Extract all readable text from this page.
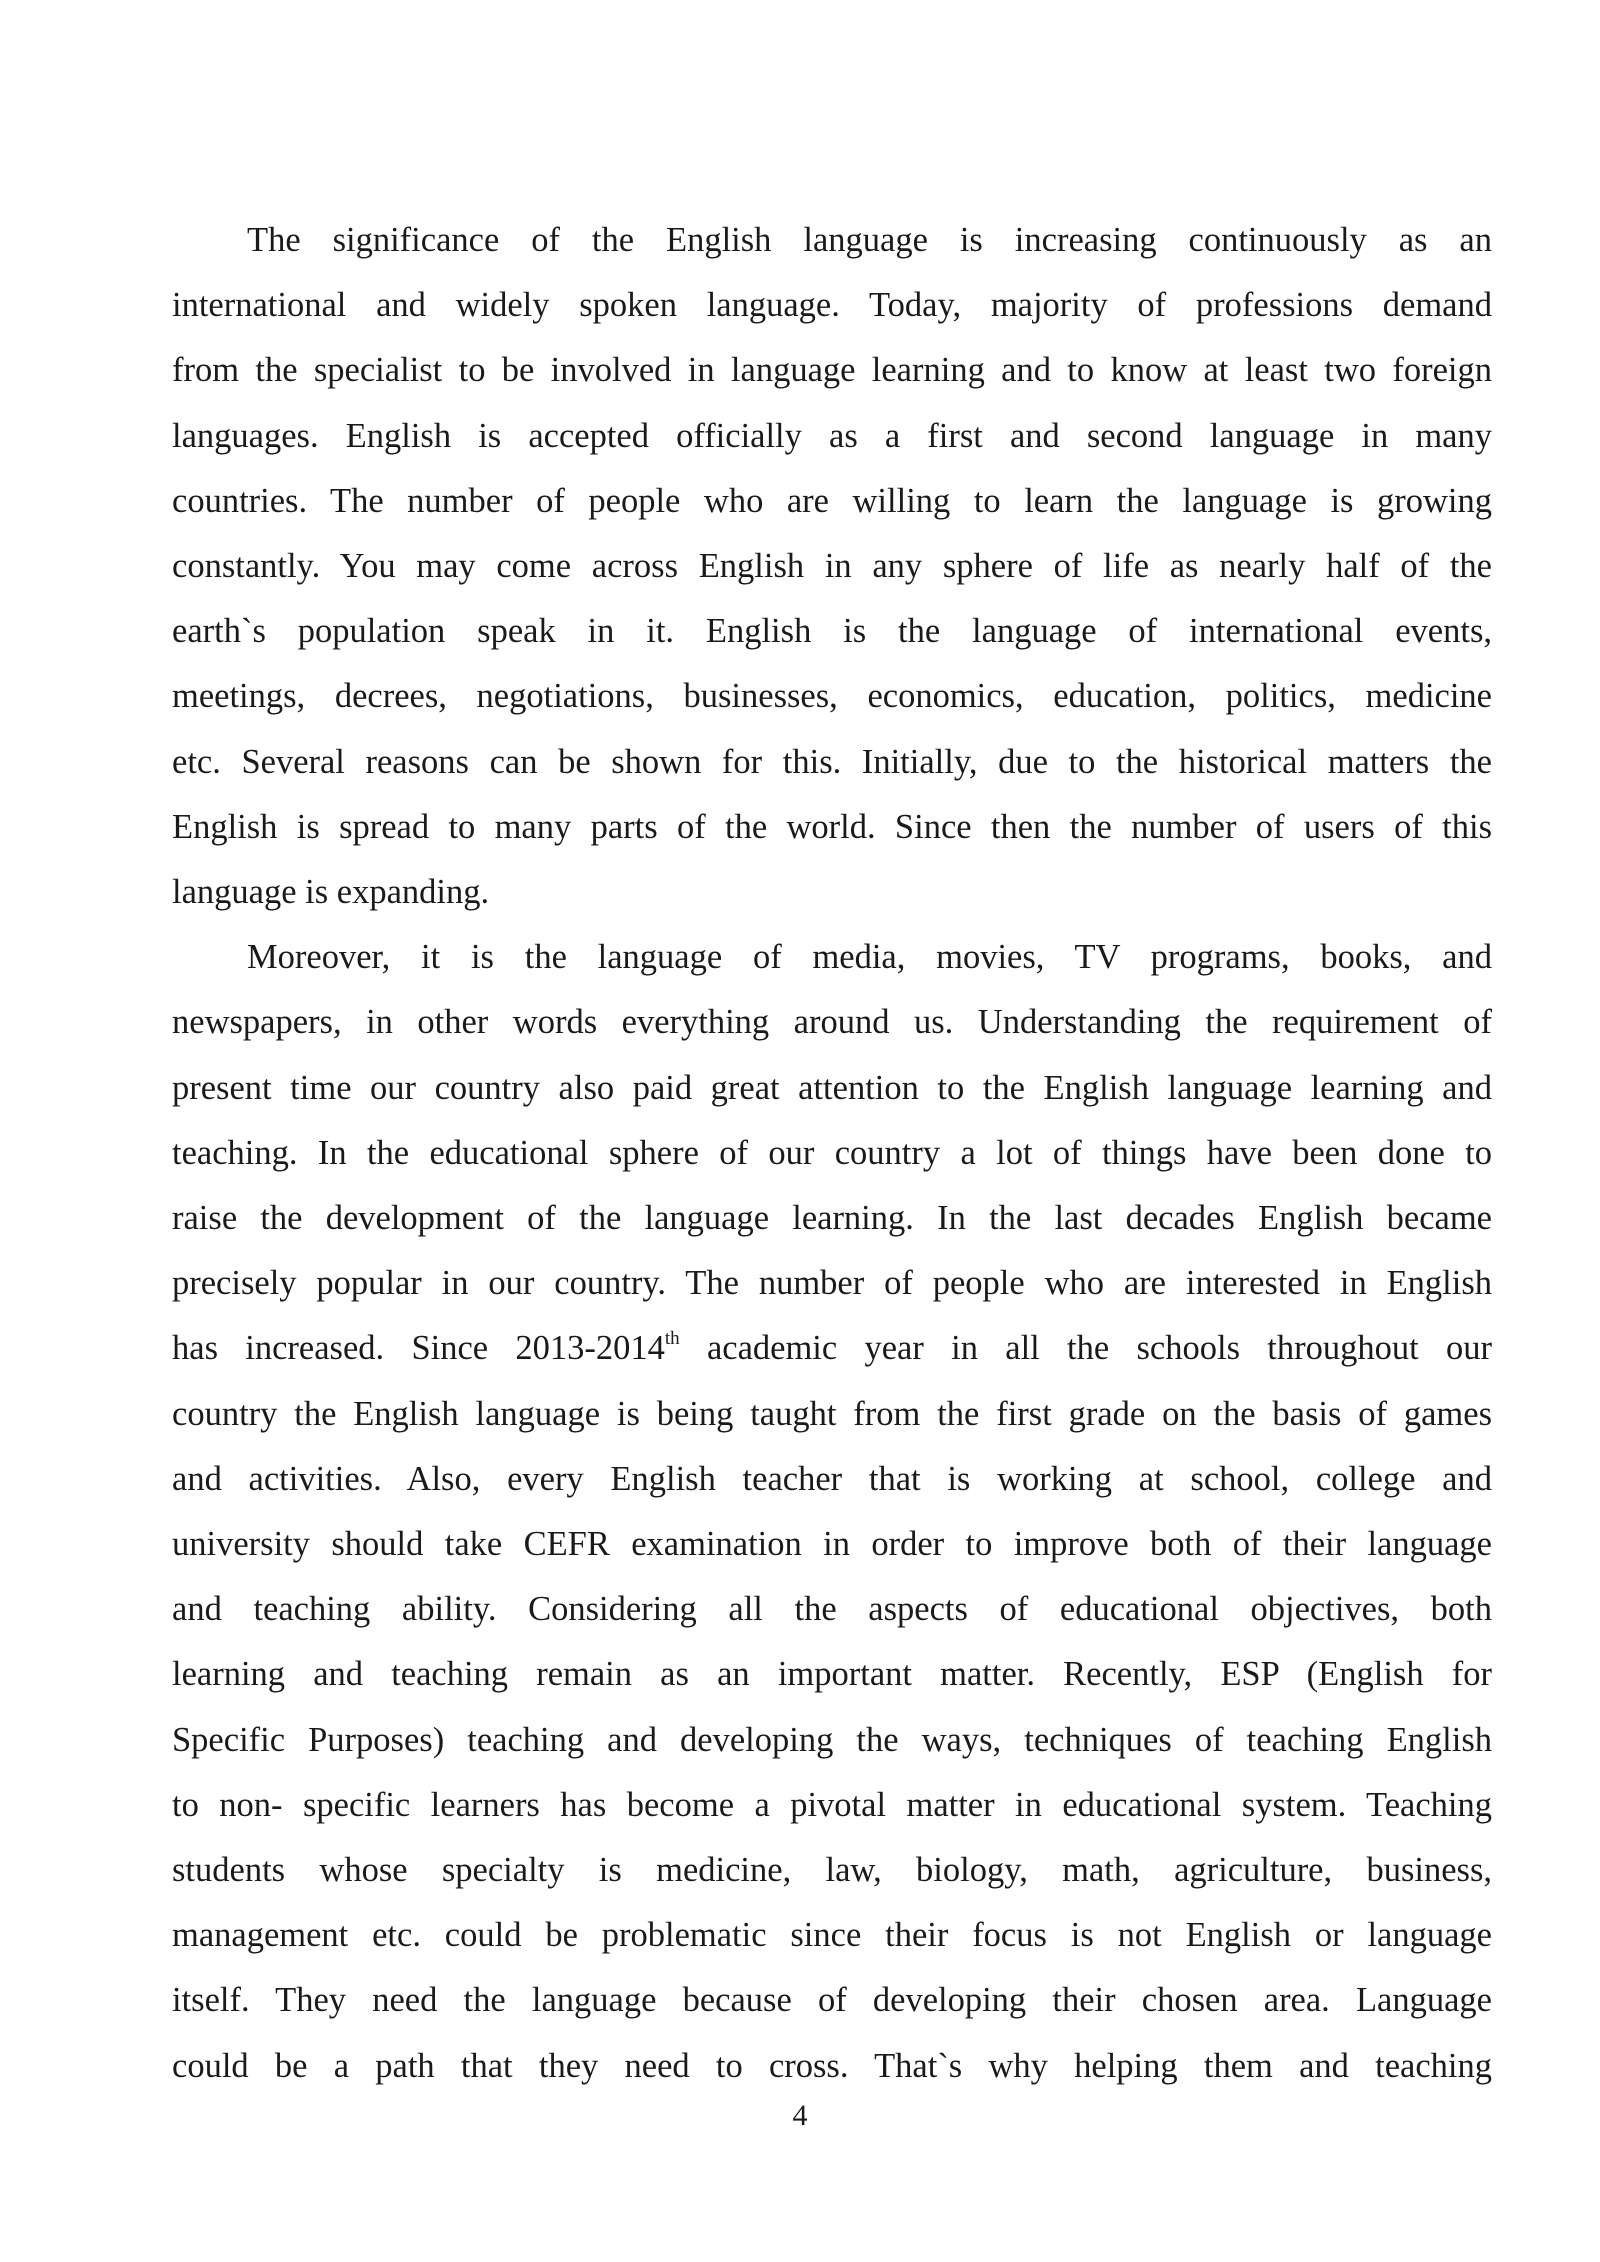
The significance of the English language is increasing continuously as an
international and widely spoken language. Today, majority of professions demand
from the specialist to be involved in language learning and to know at least two foreign
languages. English is accepted officially as a first and second language in many
countries. The number of people who are willing to learn the language is growing
constantly. You may come across English in any sphere of life as nearly half of the
earth`s population speak in it. English is the language of international events,
meetings, decrees, negotiations, businesses, economics, education, politics, medicine
etc. Several reasons can be shown for this. Initially, due to the historical matters the
English is spread to many parts of the world. Since then the number of users of this
language is expanding.
Moreover, it is the language of media, movies, TV programs, books, and
newspapers, in other words everything around us. Understanding the requirement of
present time our country also paid great attention to the English language learning and
teaching. In the educational sphere of our country a lot of things have been done to
raise the development of the language learning. In the last decades English became
precisely popular in our country. The number of people who are interested in English
has increased. Since 2013-2014th academic year in all the schools throughout our
country the English language is being taught from the first grade on the basis of games
and activities. Also, every English teacher that is working at school, college and
university should take CEFR examination in order to improve both of their language
and teaching ability. Considering all the aspects of educational objectives, both
learning and teaching remain as an important matter. Recently, ESP (English for
Specific Purposes) teaching and developing the ways, techniques of teaching English
to non- specific learners has become a pivotal matter in educational system. Teaching
students whose specialty is medicine, law, biology, math, agriculture, business,
management etc. could be problematic since their focus is not English or language
itself. They need the language because of developing their chosen area. Language
could be a path that they need to cross. That`s why helping them and teaching
4
